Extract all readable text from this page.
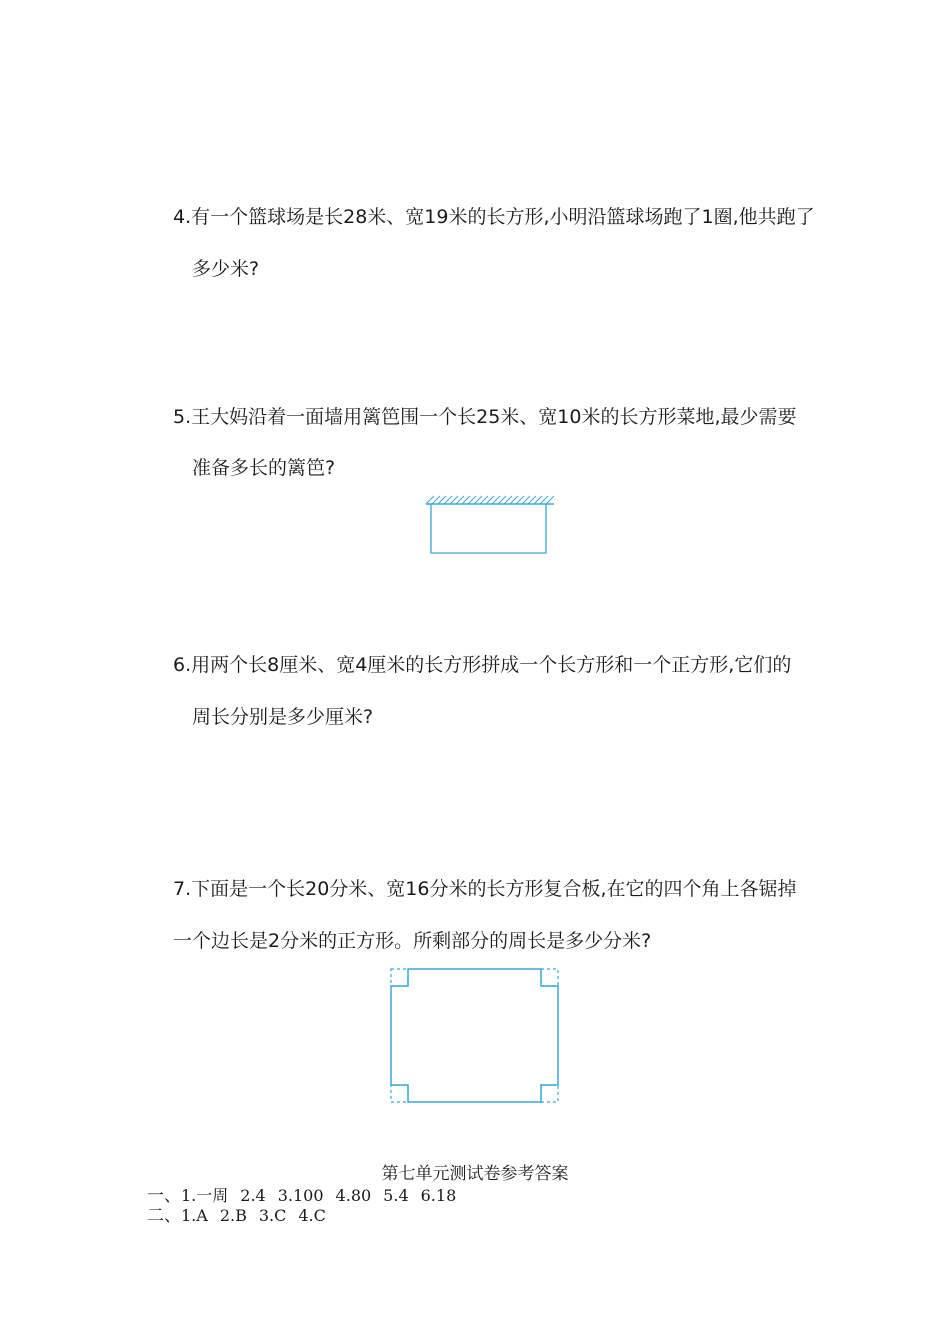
4.有一个篮球场是长28米、宽19米的长方形,小明沿篮球场跑了1圈,他共跑了
多少米?
5.王大妈沿着一面墙用篱笆围一个长25米、宽10米的长方形菜地,最少需要
准备多长的篱笆?
6.用两个长8厘米、宽4厘米的长方形拼成一个长方形和一个正方形,它们的
周长分别是多少厘米?
7.下面是一个长20分米、宽16分米的长方形复合板,在它的四个角上各锯掉
一个边长是2分米的正方形。所剩部分的周长是多少分米?
第七单元测试卷参考答案
一、1.一周 2.4 3.100 4.80 5.4 6.18
二、1.A 2.B 3.C 4.C
